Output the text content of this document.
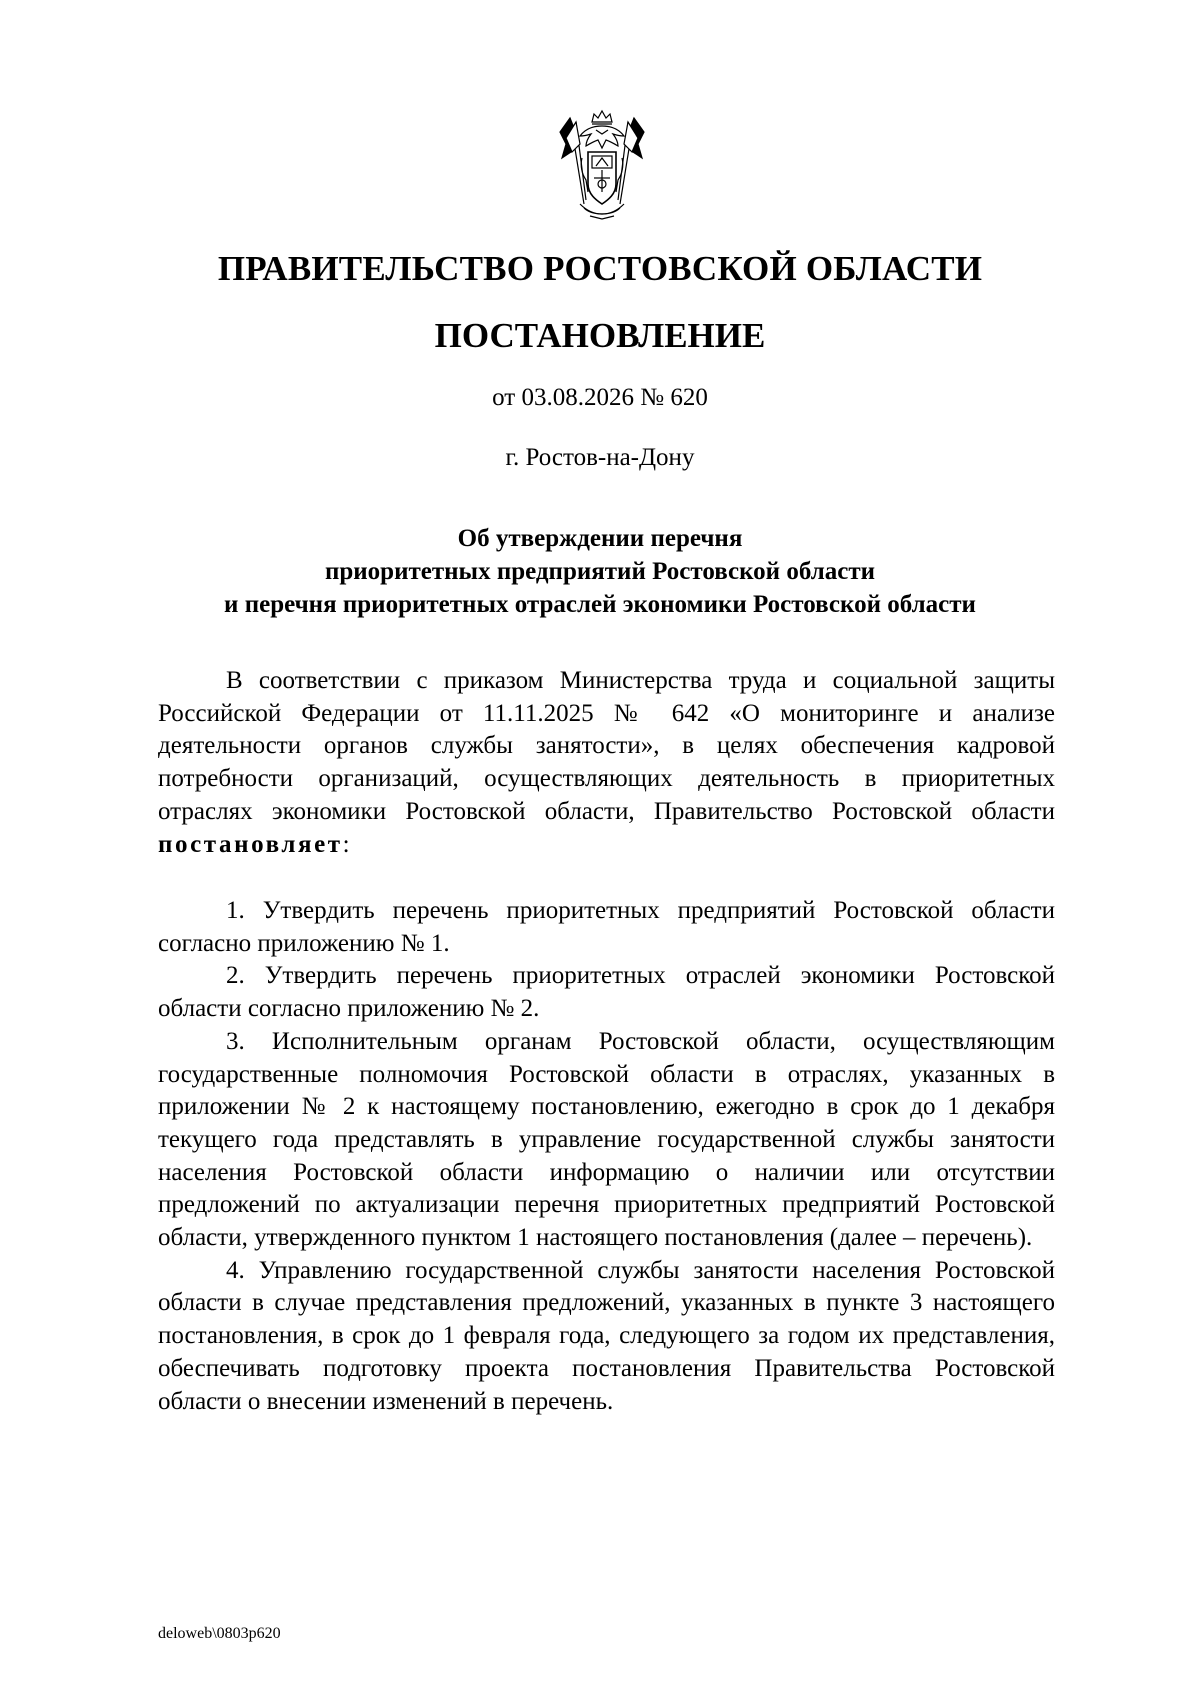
ПРАВИТЕЛЬСТВО РОСТОВСКОЙ ОБЛАСТИ
ПОСТАНОВЛЕНИЕ
от 03.08.2026 № 620
г. Ростов-на-Дону
Об утверждении перечня
приоритетных предприятий Ростовской области
и перечня приоритетных отраслей экономики Ростовской области

В соответствии с приказом Министерства труда и социальной защиты Российской Федерации от 11.11.2025 № 642 «О мониторинге и анализе деятельности органов службы занятости», в целях обеспечения кадровой потребности организаций, осуществляющих деятельность в приоритетных отраслях экономики Ростовской области, Правительство Ростовской области постановляет:

1. Утвердить перечень приоритетных предприятий Ростовской области согласно приложению № 1.

2. Утвердить перечень приоритетных отраслей экономики Ростовской области согласно приложению № 2.

3. Исполнительным органам Ростовской области, осуществляющим государственные полномочия Ростовской области в отраслях, указанных в приложении № 2 к настоящему постановлению, ежегодно в срок до 1 декабря текущего года представлять в управление государственной службы занятости населения Ростовской области информацию о наличии или отсутствии предложений по актуализации перечня приоритетных предприятий Ростовской области, утвержденного пунктом 1 настоящего постановления (далее – перечень).

4. Управлению государственной службы занятости населения Ростовской области в случае представления предложений, указанных в пункте 3 настоящего постановления, в срок до 1 февраля года, следующего за годом их представления, обеспечивать подготовку проекта постановления Правительства Ростовской области о внесении изменений в перечень.

deloweb\0803p620
